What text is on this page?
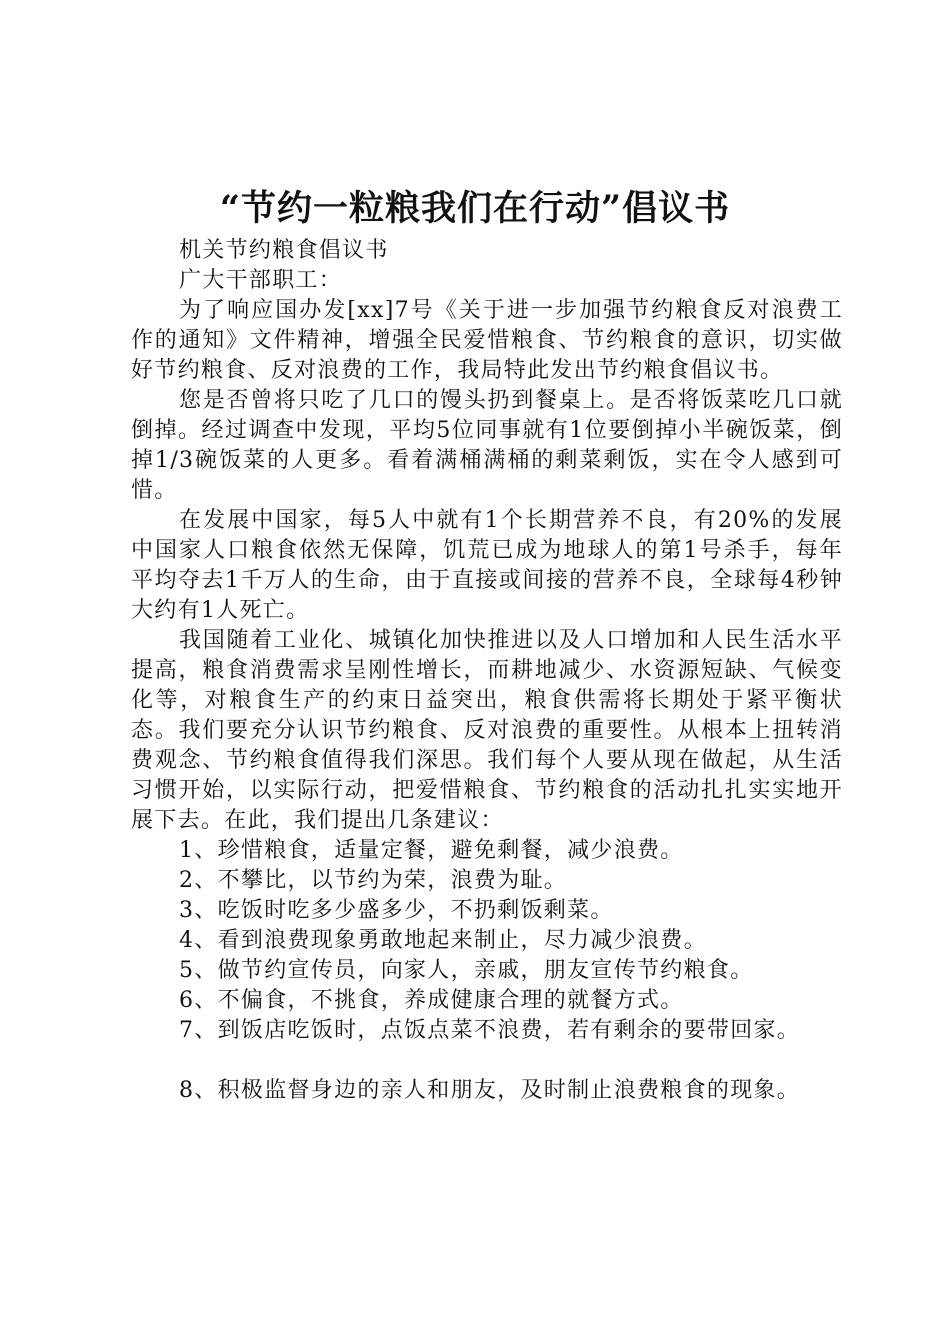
“节约一粒粮我们在行动”倡议书

机关节约粮食倡议书

广大干部职工：

为了响应国办发[xx]7号《关于进一步加强节约粮食反对浪费工作的通知》文件精神，增强全民爱惜粮食、节约粮食的意识，切实做好节约粮食、反对浪费的工作，我局特此发出节约粮食倡议书。

您是否曾将只吃了几口的馒头扔到餐桌上。是否将饭菜吃几口就倒掉。经过调查中发现，平均5位同事就有1位要倒掉小半碗饭菜，倒掉1/3碗饭菜的人更多。看着满桶满桶的剩菜剩饭，实在令人感到可惜。

在发展中国家，每5人中就有1个长期营养不良，有20%的发展中国家人口粮食依然无保障，饥荒已成为地球人的第1号杀手，每年平均夺去1千万人的生命，由于直接或间接的营养不良，全球每4秒钟大约有1人死亡。

我国随着工业化、城镇化加快推进以及人口增加和人民生活水平提高，粮食消费需求呈刚性增长，而耕地减少、水资源短缺、气候变化等，对粮食生产的约束日益突出，粮食供需将长期处于紧平衡状态。我们要充分认识节约粮食、反对浪费的重要性。从根本上扭转消费观念、节约粮食值得我们深思。我们每个人要从现在做起，从生活习惯开始，以实际行动，把爱惜粮食、节约粮食的活动扎扎实实地开展下去。在此，我们提出几条建议：

1、珍惜粮食，适量定餐，避免剩餐，减少浪费。

2、不攀比，以节约为荣，浪费为耻。

3、吃饭时吃多少盛多少，不扔剩饭剩菜。

4、看到浪费现象勇敢地起来制止，尽力减少浪费。

5、做节约宣传员，向家人，亲戚，朋友宣传节约粮食。

6、不偏食，不挑食，养成健康合理的就餐方式。

7、到饭店吃饭时，点饭点菜不浪费，若有剩余的要带回家。

8、积极监督身边的亲人和朋友，及时制止浪费粮食的现象。
